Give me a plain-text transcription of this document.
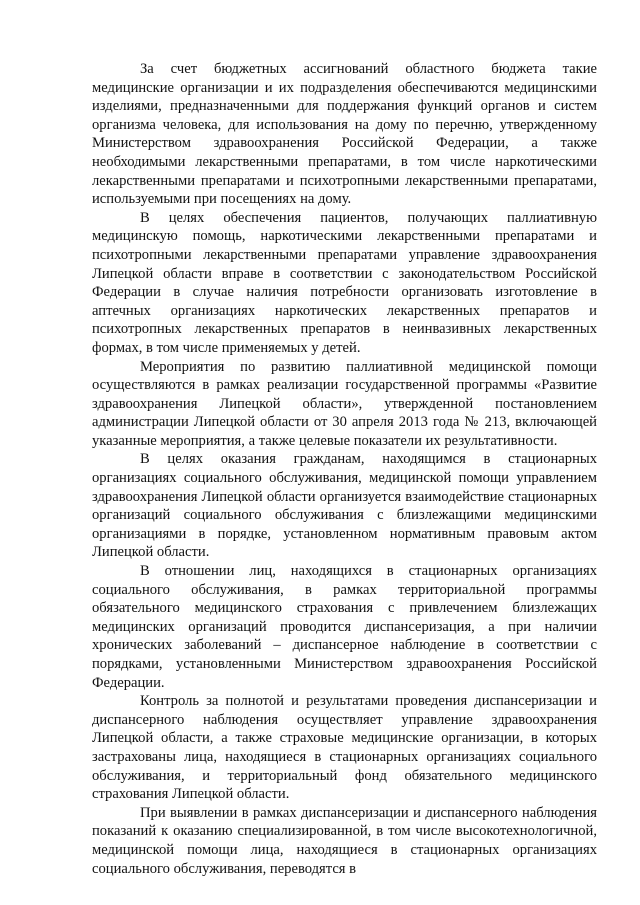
За счет бюджетных ассигнований областного бюджета такие медицинские организации и их подразделения обеспечиваются медицинскими изделиями, предназначенными для поддержания функций органов и систем организма человека, для использования на дому по перечню, утвержденному Министерством здравоохранения Российской Федерации, а также необходимыми лекарственными препаратами, в том числе наркотическими лекарственными препаратами и психотропными лекарственными препаратами, используемыми при посещениях на дому.

В целях обеспечения пациентов, получающих паллиативную медицинскую помощь, наркотическими лекарственными препаратами и психотропными лекарственными препаратами управление здравоохранения Липецкой области вправе в соответствии с законодательством Российской Федерации в случае наличия потребности организовать изготовление в аптечных организациях наркотических лекарственных препаратов и психотропных лекарственных препаратов в неинвазивных лекарственных формах, в том числе применяемых у детей.

Мероприятия по развитию паллиативной медицинской помощи осуществляются в рамках реализации государственной программы «Развитие здравоохранения Липецкой области», утвержденной постановлением администрации Липецкой области от 30 апреля 2013 года № 213, включающей указанные мероприятия, а также целевые показатели их результативности.

В целях оказания гражданам, находящимся в стационарных организациях социального обслуживания, медицинской помощи управлением здравоохранения Липецкой области организуется взаимодействие стационарных организаций социального обслуживания с близлежащими медицинскими организациями в порядке, установленном нормативным правовым актом Липецкой области.

В отношении лиц, находящихся в стационарных организациях социального обслуживания, в рамках территориальной программы обязательного медицинского страхования с привлечением близлежащих медицинских организаций проводится диспансеризация, а при наличии хронических заболеваний – диспансерное наблюдение в соответствии с порядками, установленными Министерством здравоохранения Российской Федерации.

Контроль за полнотой и результатами проведения диспансеризации и диспансерного наблюдения осуществляет управление здравоохранения Липецкой области, а также страховые медицинские организации, в которых застрахованы лица, находящиеся в стационарных организациях социального обслуживания, и территориальный фонд обязательного медицинского страхования Липецкой области.

При выявлении в рамках диспансеризации и диспансерного наблюдения показаний к оказанию специализированной, в том числе высокотехнологичной, медицинской помощи лица, находящиеся в стационарных организациях социального обслуживания, переводятся в
